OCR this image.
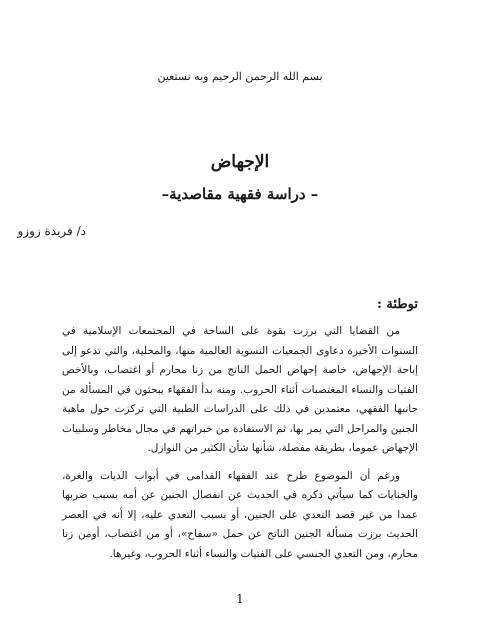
بسم الله الرحمن الرحيم وبه نستعين
الإجهاض
– دراسة فقهية مقاصدية–
د/ فريدة زوزو
توطئة :

من القضايا التي برزت بقوة على الساحة في المجتمعات الإسلامية في السنوات الأخيرة دعاوى الجمعيات النسوية العالمية منها، والمحلية، والتي تدعو إلى إباحة الإجهاض، خاصة إجهاض الحمل الناتج من زنا محارم أو اغتصاب، وبالأخص الفتيات والنساء المغتصبات أثناء الحروب. ومنه بدأ الفقهاء يبحثون في المسألة من جانبها الفقهي، معتمدين في ذلك على الدراسات الطبية التي تركزت حول ماهية الجنين والمراحل التي يمر بها، ثم الاستفادة من خبراتهم في مجال مخاطر وسلبيات الإجهاض عموما، بطريقة مفصلة، شأنها شأن الكثير من النوازل.

ورغم أن الموضوع طرح عند الفقهاء القدامى في أبواب الديات والغرة، والجنايات كما سيأتي ذكره في الحديث عن انفصال الجنين عن أمه بسبب ضربها عمدا من غير قصد التعدي على الجنين، أو بسبب التعدي عليه، إلا أنه في العصر الحديث برزت مسألة الجنين الناتج عن حمل «سفاح»، أو من اغتصاب، أومن زنا محارم، ومن التعدي الجنسي على الفتيات والنساء أثناء الحروب، وغيرها.

1
